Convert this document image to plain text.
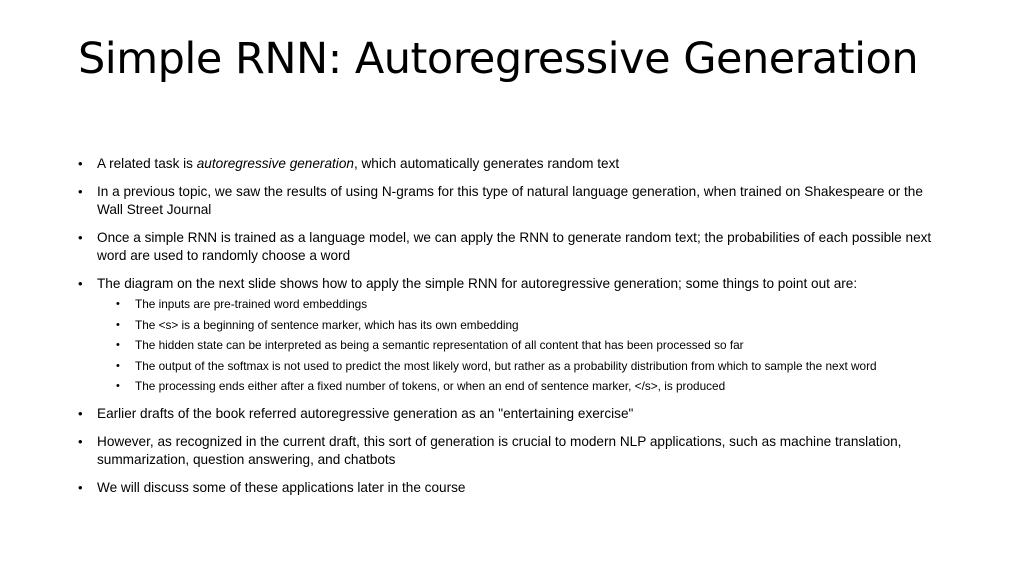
Simple RNN: Autoregressive Generation
• A related task is autoregressive generation, which automatically generates random text
• In a previous topic, we saw the results of using N-grams for this type of natural language generation, when trained on Shakespeare or the Wall Street Journal
• Once a simple RNN is trained as a language model, we can apply the RNN to generate random text; the probabilities of each possible next word are used to randomly choose a word
• The diagram on the next slide shows how to apply the simple RNN for autoregressive generation; some things to point out are:
• The inputs are pre-trained word embeddings
• The <s> is a beginning of sentence marker, which has its own embedding
• The hidden state can be interpreted as being a semantic representation of all content that has been processed so far
• The output of the softmax is not used to predict the most likely word, but rather as a probability distribution from which to sample the next word
• The processing ends either after a fixed number of tokens, or when an end of sentence marker, </s>, is produced
• Earlier drafts of the book referred autoregressive generation as an "entertaining exercise"
• However, as recognized in the current draft, this sort of generation is crucial to modern NLP applications, such as machine translation, summarization, question answering, and chatbots
• We will discuss some of these applications later in the course
